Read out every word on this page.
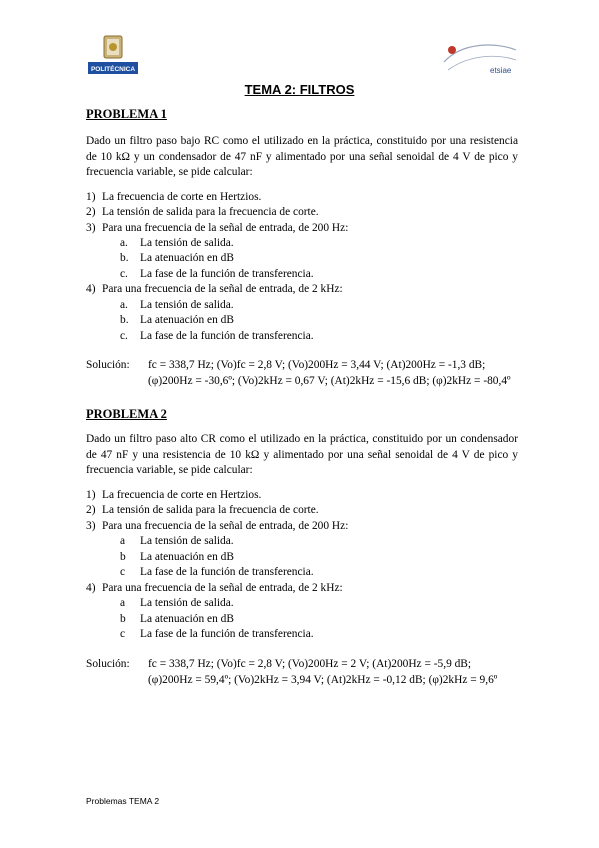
POLITÉCNICA	etsiae
TEMA 2: FILTROS
PROBLEMA 1
Dado un filtro paso bajo RC como el utilizado en la práctica, constituido por una resistencia de 10 kΩ y un condensador de 47 nF y alimentado por una señal senoidal de 4 V de pico y frecuencia variable, se pide calcular:
1) La frecuencia de corte en Hertzios.
2) La tensión de salida para la frecuencia de corte.
3) Para una frecuencia de la señal de entrada, de 200 Hz:
a. La tensión de salida.
b. La atenuación en dB
c. La fase de la función de transferencia.
4) Para una frecuencia de la señal de entrada, de 2 kHz:
a. La tensión de salida.
b. La atenuación en dB
c. La fase de la función de transferencia.
Solución: fc = 338,7 Hz; (Vo)fc = 2,8 V; (Vo)200Hz = 3,44 V; (At)200Hz = -1,3 dB;
(φ)200Hz = -30,6º; (Vo)2kHz = 0,67 V; (At)2kHz = -15,6 dB; (φ)2kHz = -80,4º
PROBLEMA 2
Dado un filtro paso alto CR como el utilizado en la práctica, constituido por un condensador de 47 nF y una resistencia de 10 kΩ y alimentado por una señal senoidal de 4 V de pico y frecuencia variable, se pide calcular:
1) La frecuencia de corte en Hertzios.
2) La tensión de salida para la frecuencia de corte.
3) Para una frecuencia de la señal de entrada, de 200 Hz:
a La tensión de salida.
b La atenuación en dB
c La fase de la función de transferencia.
4) Para una frecuencia de la señal de entrada, de 2 kHz:
a La tensión de salida.
b La atenuación en dB
c La fase de la función de transferencia.
Solución: fc = 338,7 Hz; (Vo)fc = 2,8 V; (Vo)200Hz = 2 V; (At)200Hz = -5,9 dB;
(φ)200Hz = 59,4º; (Vo)2kHz = 3,94 V; (At)2kHz = -0,12 dB; (φ)2kHz = 9,6º
Problemas TEMA 2
